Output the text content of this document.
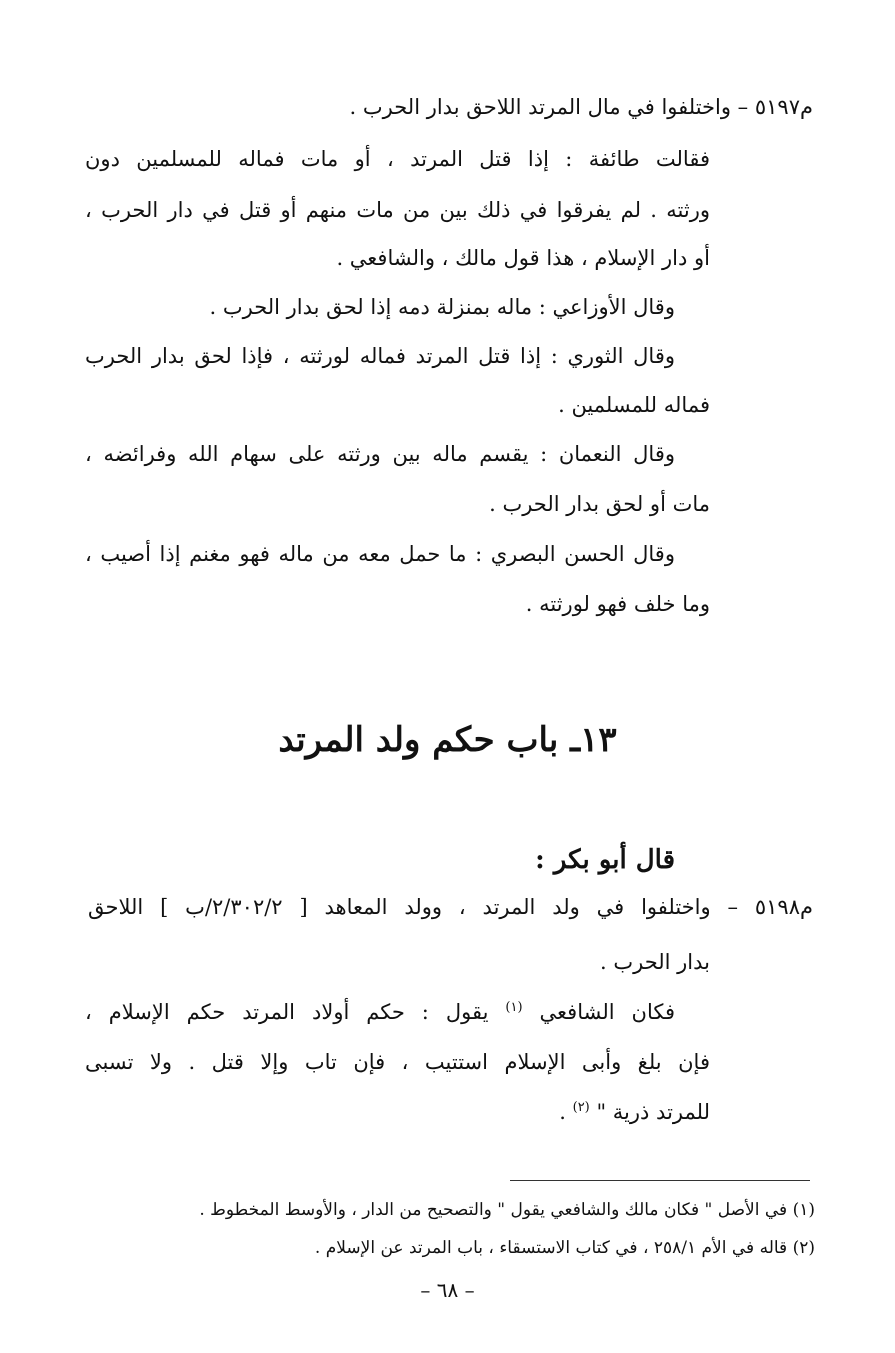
م٥١٩٧ – واختلفوا في مال المرتد اللاحق بدار الحرب .
فقالت طائفة : إذا قتل المرتد ، أو مات فماله للمسلمين دون
ورثته . لم يفرقوا في ذلك بين من مات منهم أو قتل في دار الحرب ،
أو دار الإسلام ، هذا قول مالك ، والشافعي .
وقال الأوزاعي : ماله بمنزلة دمه إذا لحق بدار الحرب .
وقال الثوري : إذا قتل المرتد فماله لورثته ، فإذا لحق بدار الحرب
فماله للمسلمين .
وقال النعمان : يقسم ماله بين ورثته على سهام الله وفرائضه ،
مات أو لحق بدار الحرب .
وقال الحسن البصري : ما حمل معه من ماله فهو مغنم إذا أصيب ،
وما خلف فهو لورثته .
١٣ـ باب حكم ولد المرتد
قال أبو بكر :
م٥١٩٨ – واختلفوا في ولد المرتد ، وولد المعاهد [ ٢/٣٠٢/٢/ب ] اللاحق
بدار الحرب .
فكان الشافعي $^{(١)}$ يقول : حكم أولاد المرتد حكم الإسلام ،
فإن بلغ وأبى الإسلام استتيب ، فإن تاب وإلا قتل . ولا تسبى
للمرتد ذرية " $^{(٢)}$ .
(١) في الأصل " فكان مالك والشافعي يقول " والتصحيح من الدار ، والأوسط المخطوط .
(٢) قاله في الأم ٢٥٨/١ ، في كتاب الاستسقاء ، باب المرتد عن الإسلام .
– ٦٨ –
